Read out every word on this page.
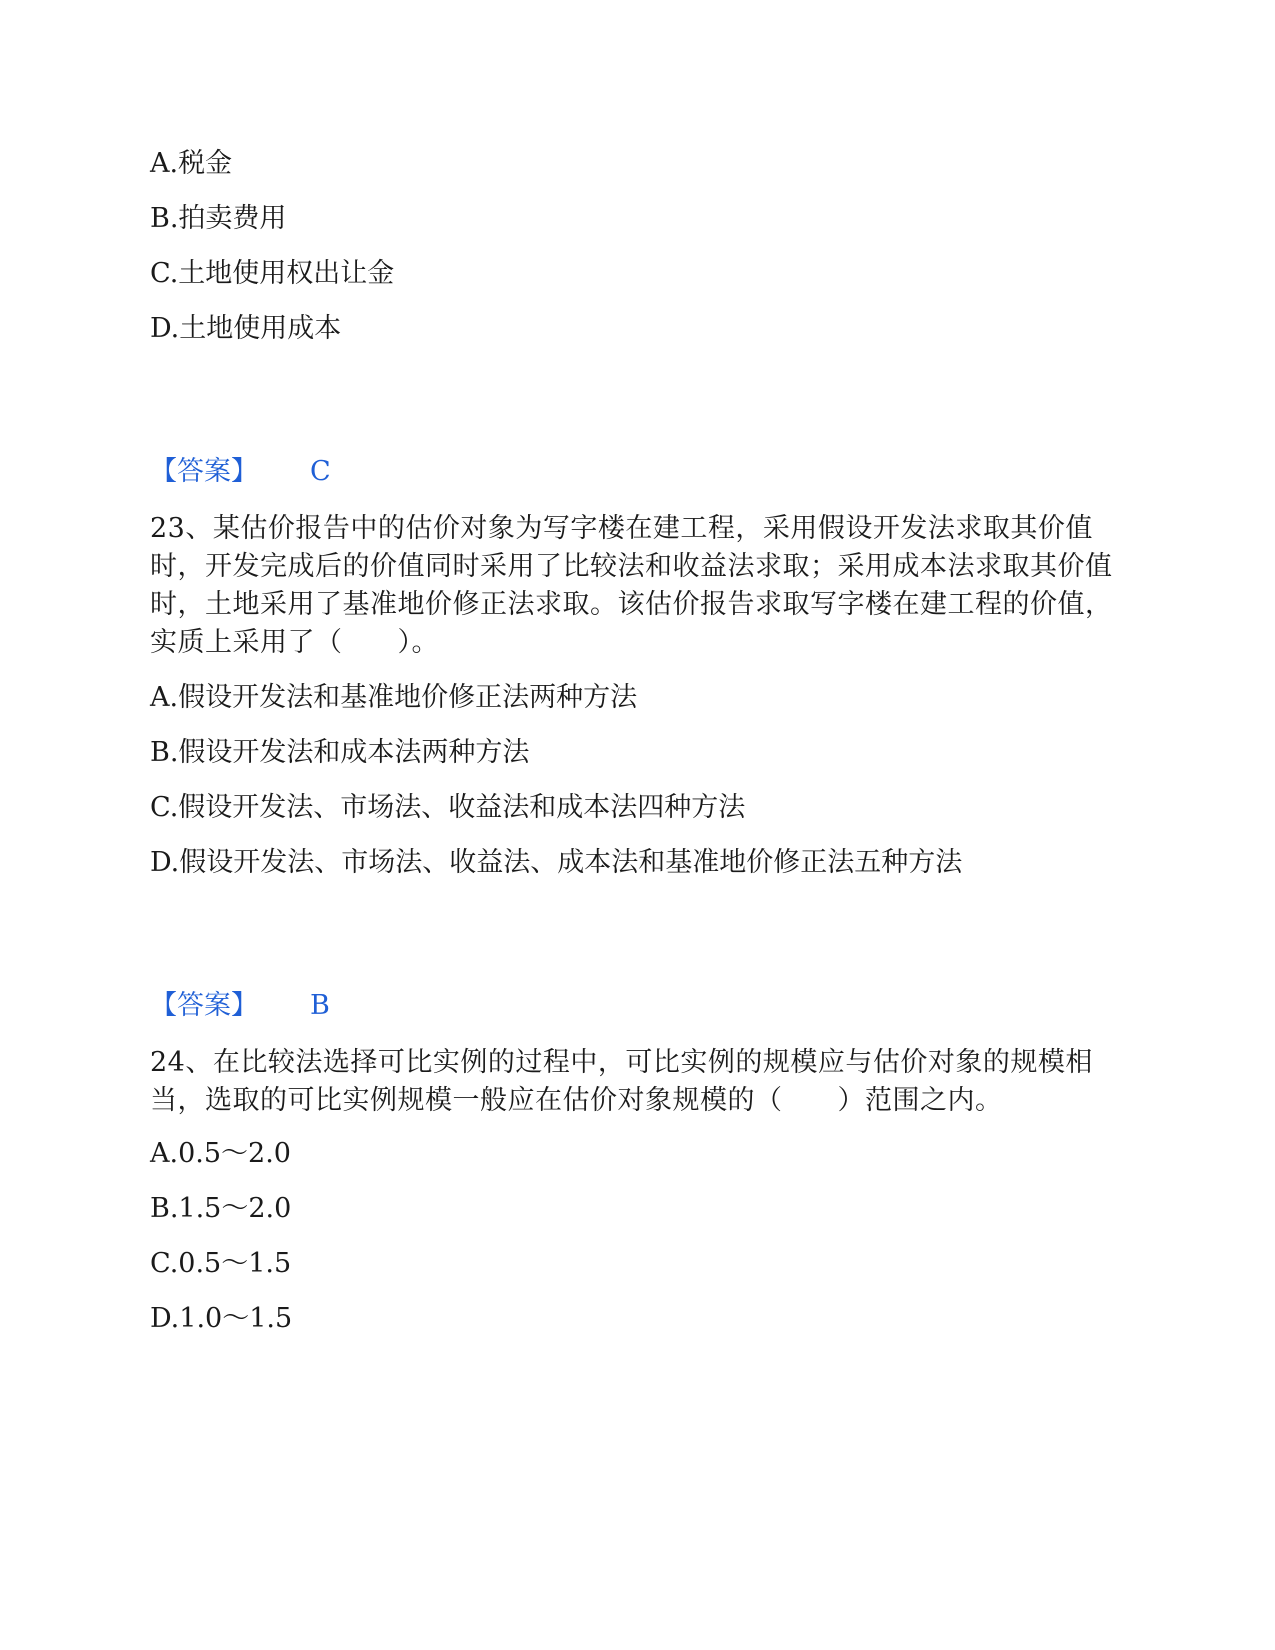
A.税金
B.拍卖费用
C.土地使用权出让金
D.土地使用成本
【答案】 C
23、某估价报告中的估价对象为写字楼在建工程，采用假设开发法求取其价值时，开发完成后的价值同时采用了比较法和收益法求取；采用成本法求取其价值时，土地采用了基准地价修正法求取。该估价报告求取写字楼在建工程的价值，实质上采用了（　　）。
A.假设开发法和基准地价修正法两种方法
B.假设开发法和成本法两种方法
C.假设开发法、市场法、收益法和成本法四种方法
D.假设开发法、市场法、收益法、成本法和基准地价修正法五种方法
【答案】 B
24、在比较法选择可比实例的过程中，可比实例的规模应与估价对象的规模相当，选取的可比实例规模一般应在估价对象规模的（　　）范围之内。
A.0.5～2.0
B.1.5～2.0
C.0.5～1.5
D.1.0～1.5
